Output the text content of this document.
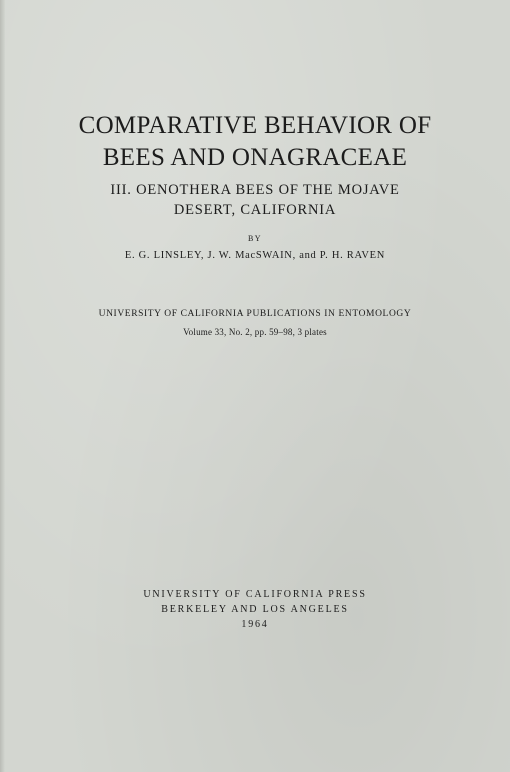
COMPARATIVE BEHAVIOR OF
BEES AND ONAGRACEAE
III. OENOTHERA BEES OF THE MOJAVE
DESERT, CALIFORNIA
BY
E. G. LINSLEY, J. W. MacSWAIN, and P. H. RAVEN
UNIVERSITY OF CALIFORNIA PUBLICATIONS IN ENTOMOLOGY
Volume 33, No. 2, pp. 59–98, 3 plates
UNIVERSITY OF CALIFORNIA PRESS
BERKELEY AND LOS ANGELES
1964
